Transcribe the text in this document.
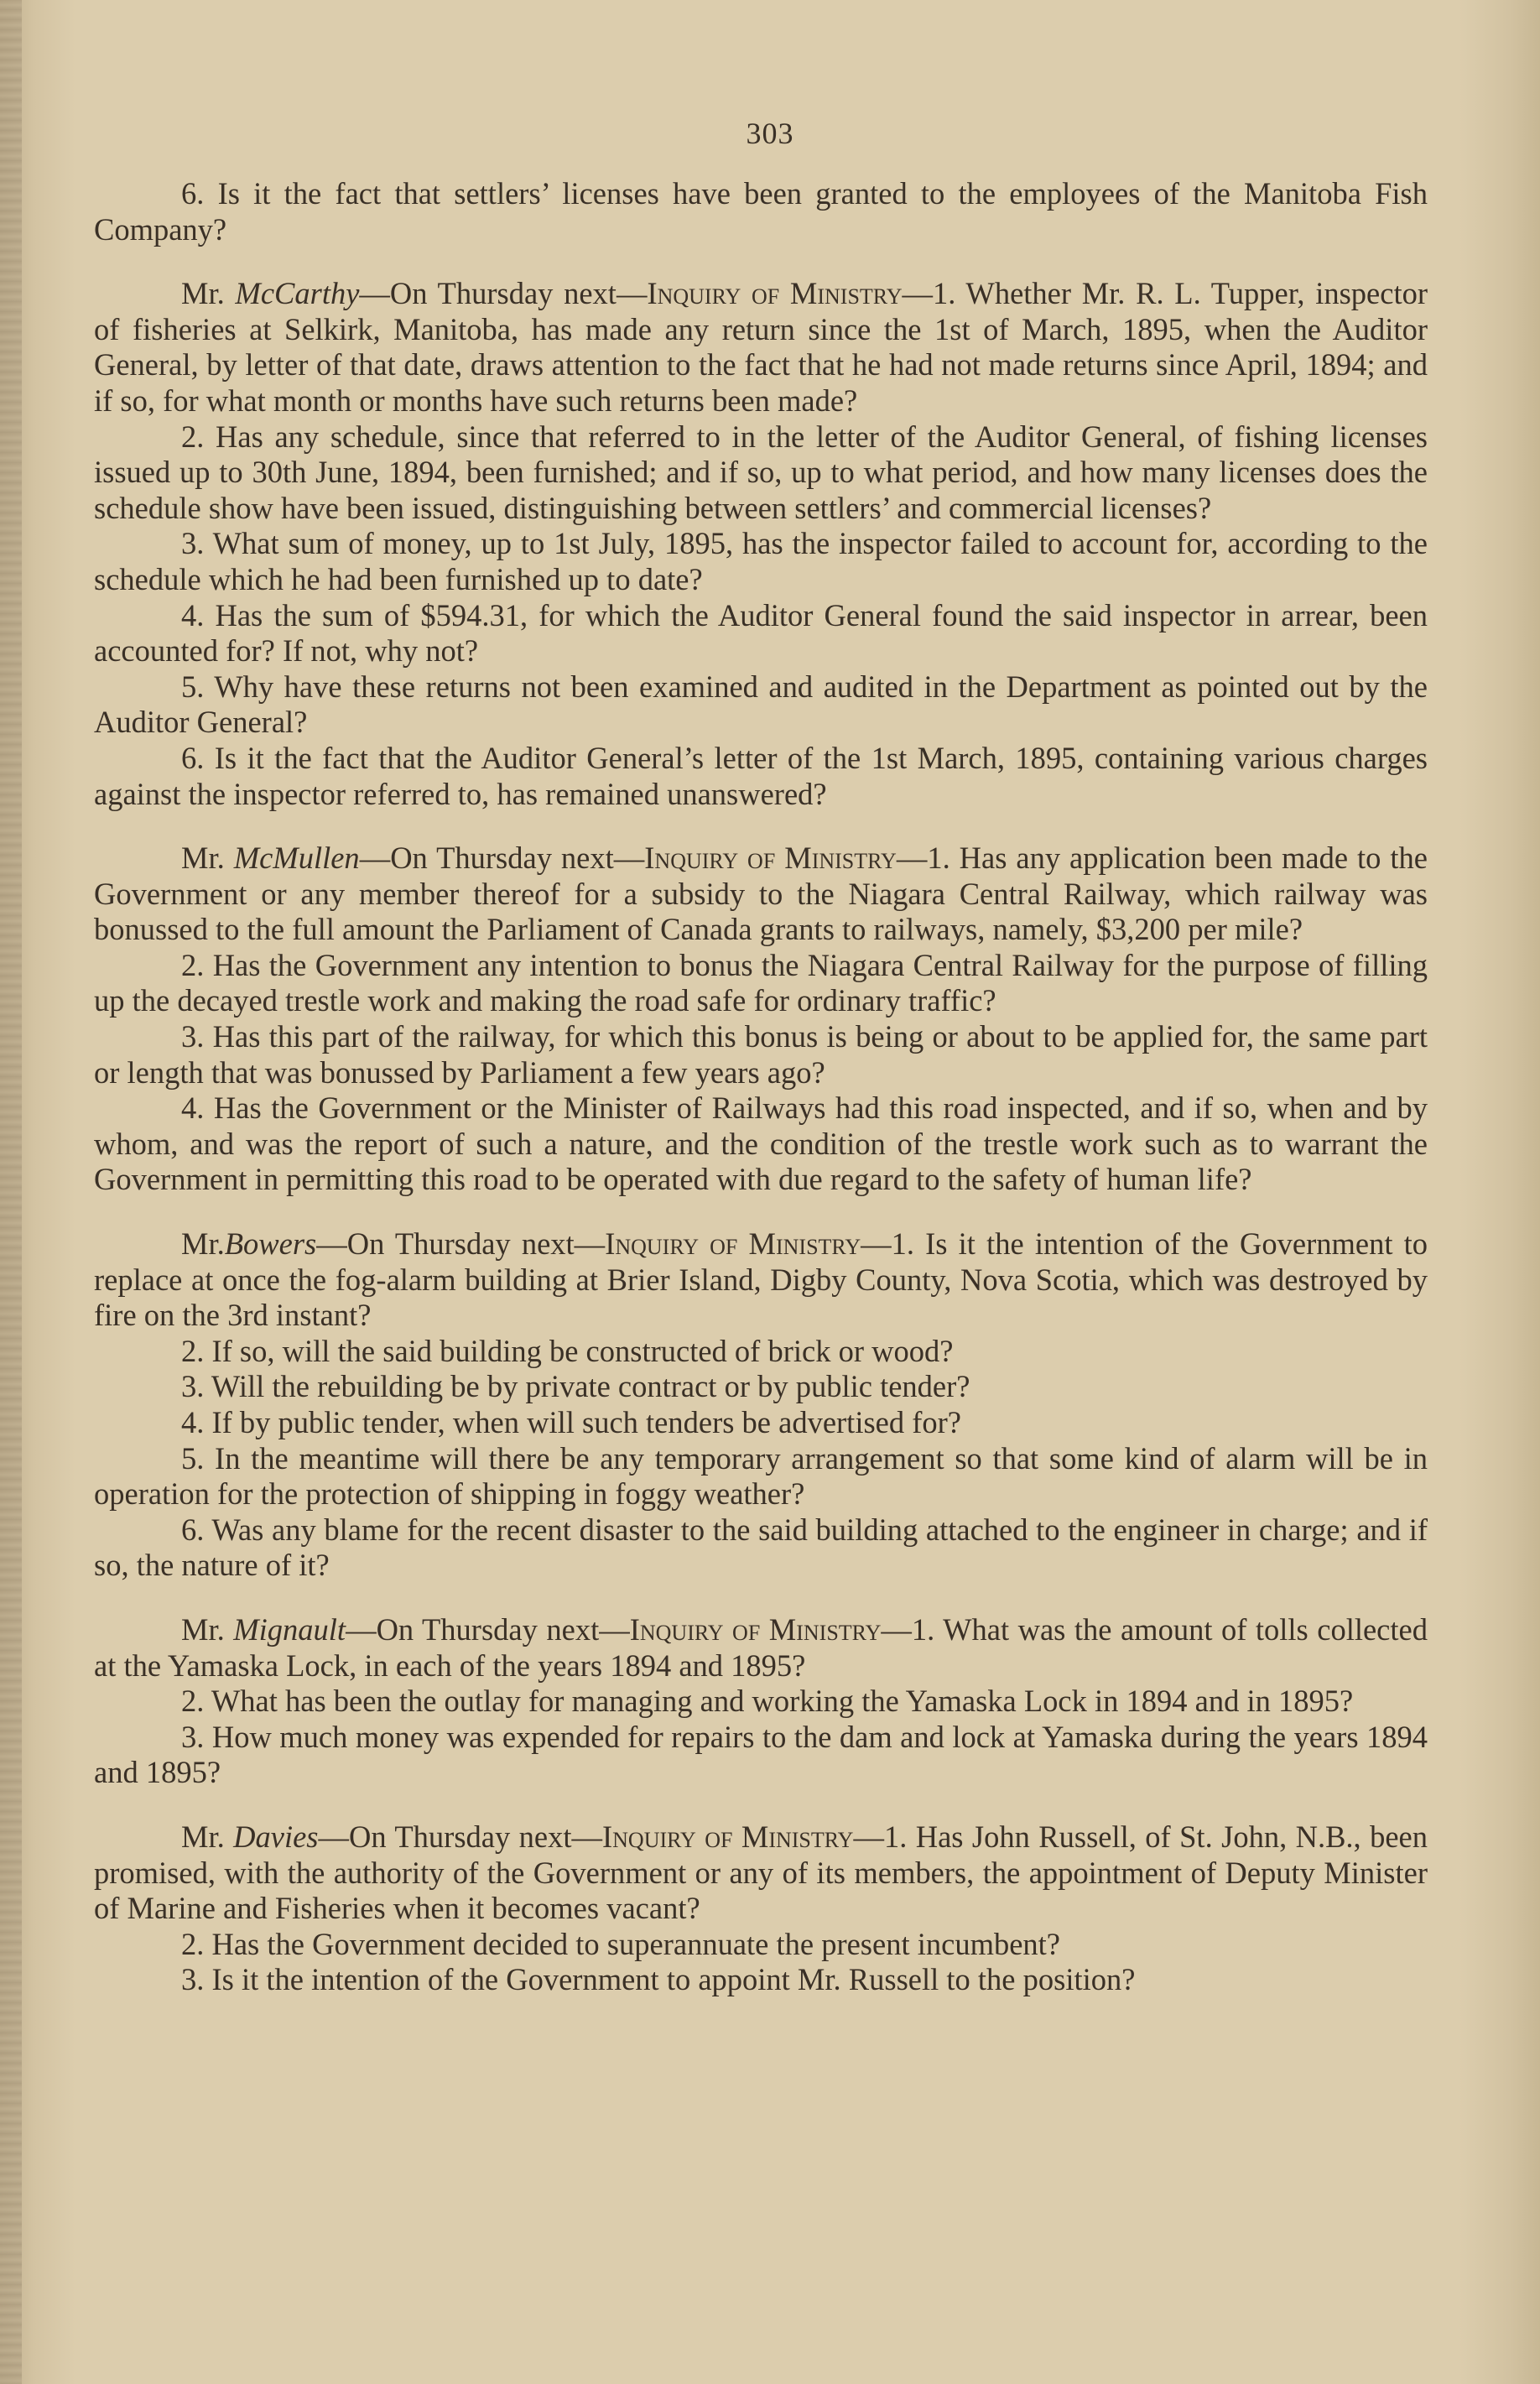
303

6. Is it the fact that settlers’ licenses have been granted to the employees of the Manitoba Fish Company?

Mr. McCarthy—On Thursday next—Inquiry of Ministry—1. Whether Mr. R. L. Tupper, inspector of fisheries at Selkirk, Manitoba, has made any return since the 1st of March, 1895, when the Auditor General, by letter of that date, draws attention to the fact that he had not made returns since April, 1894; and if so, for what month or months have such returns been made?

2. Has any schedule, since that referred to in the letter of the Auditor General, of fishing licenses issued up to 30th June, 1894, been furnished; and if so, up to what period, and how many licenses does the schedule show have been issued, distinguishing between settlers’ and commercial licenses?

3. What sum of money, up to 1st July, 1895, has the inspector failed to account for, according to the schedule which he had been furnished up to date?

4. Has the sum of $594.31, for which the Auditor General found the said inspector in arrear, been accounted for? If not, why not?

5. Why have these returns not been examined and audited in the Department as pointed out by the Auditor General?

6. Is it the fact that the Auditor General’s letter of the 1st March, 1895, containing various charges against the inspector referred to, has remained unanswered?

Mr. McMullen—On Thursday next—Inquiry of Ministry—1. Has any application been made to the Government or any member thereof for a subsidy to the Niagara Central Railway, which railway was bonussed to the full amount the Parliament of Canada grants to railways, namely, $3,200 per mile?

2. Has the Government any intention to bonus the Niagara Central Railway for the purpose of filling up the decayed trestle work and making the road safe for ordinary traffic?

3. Has this part of the railway, for which this bonus is being or about to be applied for, the same part or length that was bonussed by Parliament a few years ago?

4. Has the Government or the Minister of Railways had this road inspected, and if so, when and by whom, and was the report of such a nature, and the condition of the trestle work such as to warrant the Government in permitting this road to be operated with due regard to the safety of human life?

Mr.Bowers—On Thursday next—Inquiry of Ministry—1. Is it the intention of the Government to replace at once the fog-alarm building at Brier Island, Digby County, Nova Scotia, which was destroyed by fire on the 3rd instant?

2. If so, will the said building be constructed of brick or wood?

3. Will the rebuilding be by private contract or by public tender?

4. If by public tender, when will such tenders be advertised for?

5. In the meantime will there be any temporary arrangement so that some kind of alarm will be in operation for the protection of shipping in foggy weather?

6. Was any blame for the recent disaster to the said building attached to the engineer in charge; and if so, the nature of it?

Mr. Mignault—On Thursday next—Inquiry of Ministry—1. What was the amount of tolls collected at the Yamaska Lock, in each of the years 1894 and 1895?

2. What has been the outlay for managing and working the Yamaska Lock in 1894 and in 1895?

3. How much money was expended for repairs to the dam and lock at Yamaska during the years 1894 and 1895?

Mr. Davies—On Thursday next—Inquiry of Ministry—1. Has John Russell, of St. John, N.B., been promised, with the authority of the Government or any of its members, the appointment of Deputy Minister of Marine and Fisheries when it becomes vacant?

2. Has the Government decided to superannuate the present incumbent?

3. Is it the intention of the Government to appoint Mr. Russell to the position?
